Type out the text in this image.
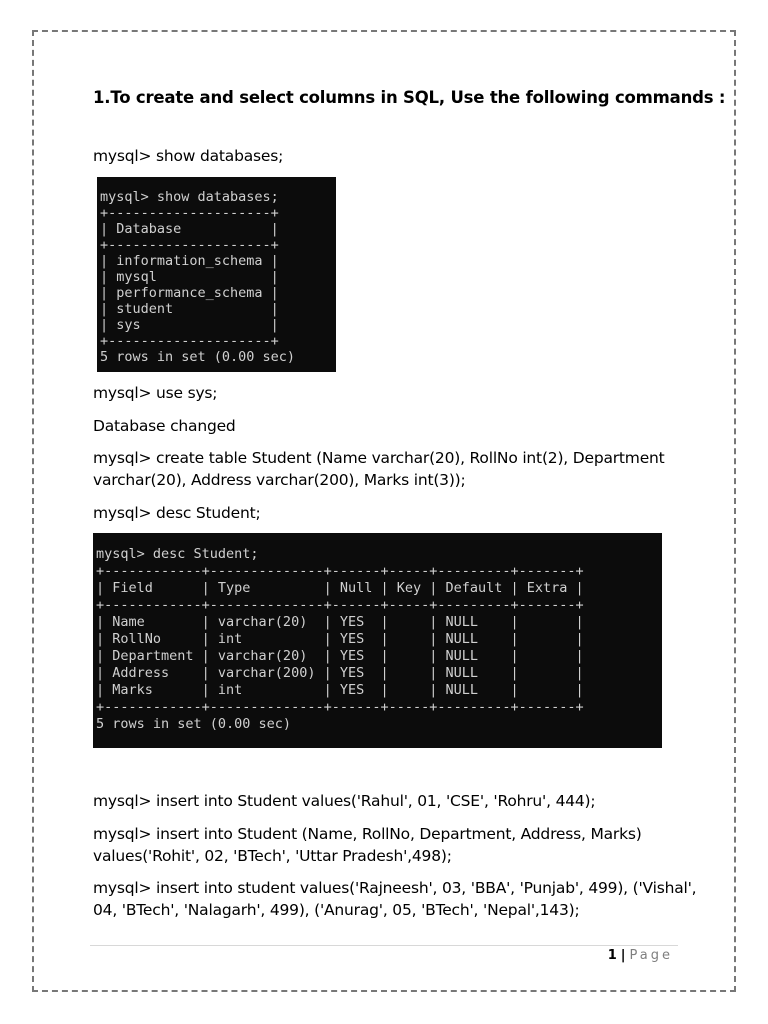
1.To create and select columns in SQL, Use the following commands :
mysql> show databases;
mysql> show databases;
+--------------------+
| Database           |
+--------------------+
| information_schema |
| mysql              |
| performance_schema |
| student            |
| sys                |
+--------------------+
5 rows in set (0.00 sec)
mysql> use sys;
Database changed
mysql> create table Student (Name varchar(20), RollNo int(2), Department
varchar(20), Address varchar(200), Marks int(3));
mysql> desc Student;
mysql> desc Student;
+------------+--------------+------+-----+---------+-------+
| Field      | Type         | Null | Key | Default | Extra |
+------------+--------------+------+-----+---------+-------+
| Name       | varchar(20)  | YES  |     | NULL    |       |
| RollNo     | int          | YES  |     | NULL    |       |
| Department | varchar(20)  | YES  |     | NULL    |       |
| Address    | varchar(200) | YES  |     | NULL    |       |
| Marks      | int          | YES  |     | NULL    |       |
+------------+--------------+------+-----+---------+-------+
5 rows in set (0.00 sec)
mysql> insert into Student values('Rahul', 01, 'CSE', 'Rohru', 444);
mysql> insert into Student (Name, RollNo, Department, Address, Marks)
values('Rohit', 02, 'BTech', 'Uttar Pradesh',498);
mysql> insert into student values('Rajneesh', 03, 'BBA', 'Punjab', 499), ('Vishal',
04, 'BTech', 'Nalagarh', 499), ('Anurag', 05, 'BTech', 'Nepal',143);
1 | Page
